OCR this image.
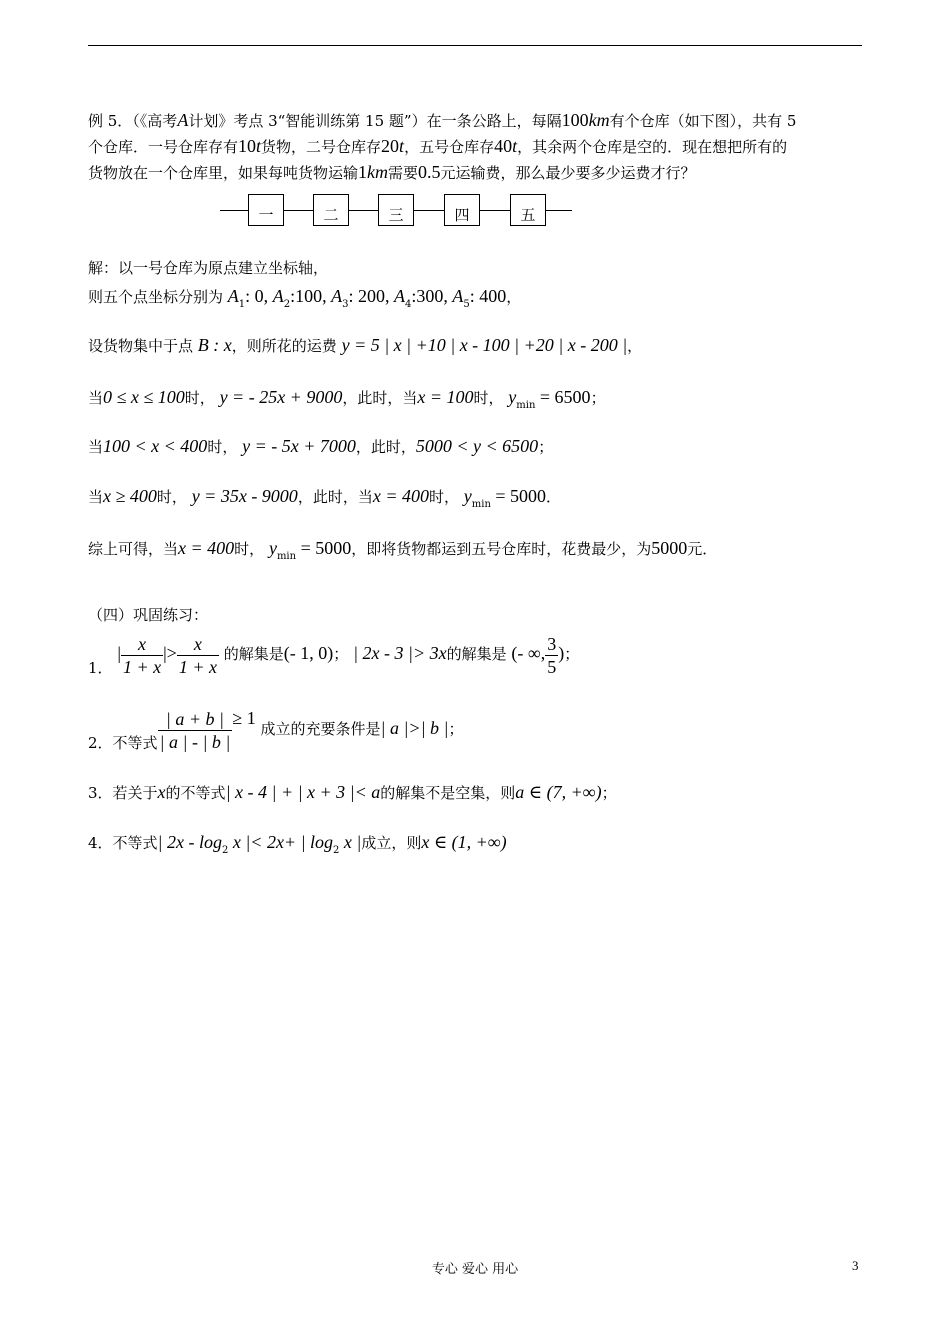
例 5．（《高考A计划》考点 3“智能训练第 15 题”）在一条公路上，每隔100km有个仓库（如下图），共有 5
个仓库．一号仓库存有10t货物，二号仓库存20t，五号仓库存40t，其余两个仓库是空的．现在想把所有的
货物放在一个仓库里，如果每吨货物运输1km需要0.5元运输费，那么最少要多少运费才行？
一	二	三	四	五
解：以一号仓库为原点建立坐标轴，
则五个点坐标分别为 $A_1$: 0, $A_2:100$, $A_3$: 200, $A_4:300$, $A_5$: 400，
设货物集中于点 B : x，则所花的运费 y = 5 | x | +10 | x - 100 | +20 | x - 200 |，
当0 ≤ x ≤ 100时， y = - 25x + 9000，此时，当x = 100时， $y_{min} = 6500$；
当100 < x < 400时， y = - 5x + 7000，此时，5000 < y < 6500；
当x ≥ 400时， y = 35x - 9000，此时，当x = 400时， $y_{min} = 5000$．
综上可得，当x = 400时， $y_{min} = 5000$，即将货物都运到五号仓库时，花费最少，为5000元．
（四）巩固练习：
1． | $\frac{x}{1 + x}$ |> $\frac{x}{1 + x}$ 的解集是(- 1, 0)； | 2x - 3 |> 3x的解集是 (- ∞, $\frac{3}{5}$ )；
2．不等式 $\frac{| a + b |}{| a | - | b |} \ge 1$ 成立的充要条件是| a |>| b |；
3．若关于x的不等式| x - 4 | + | x + 3 |< a的解集不是空集，则a ∈ (7, +∞)；
4．不等式| $2x - \log_2 x$ |< 2x+ | $\log_2 x$ |成立，则x ∈ (1, +∞)
专心 爱心 用心	3
